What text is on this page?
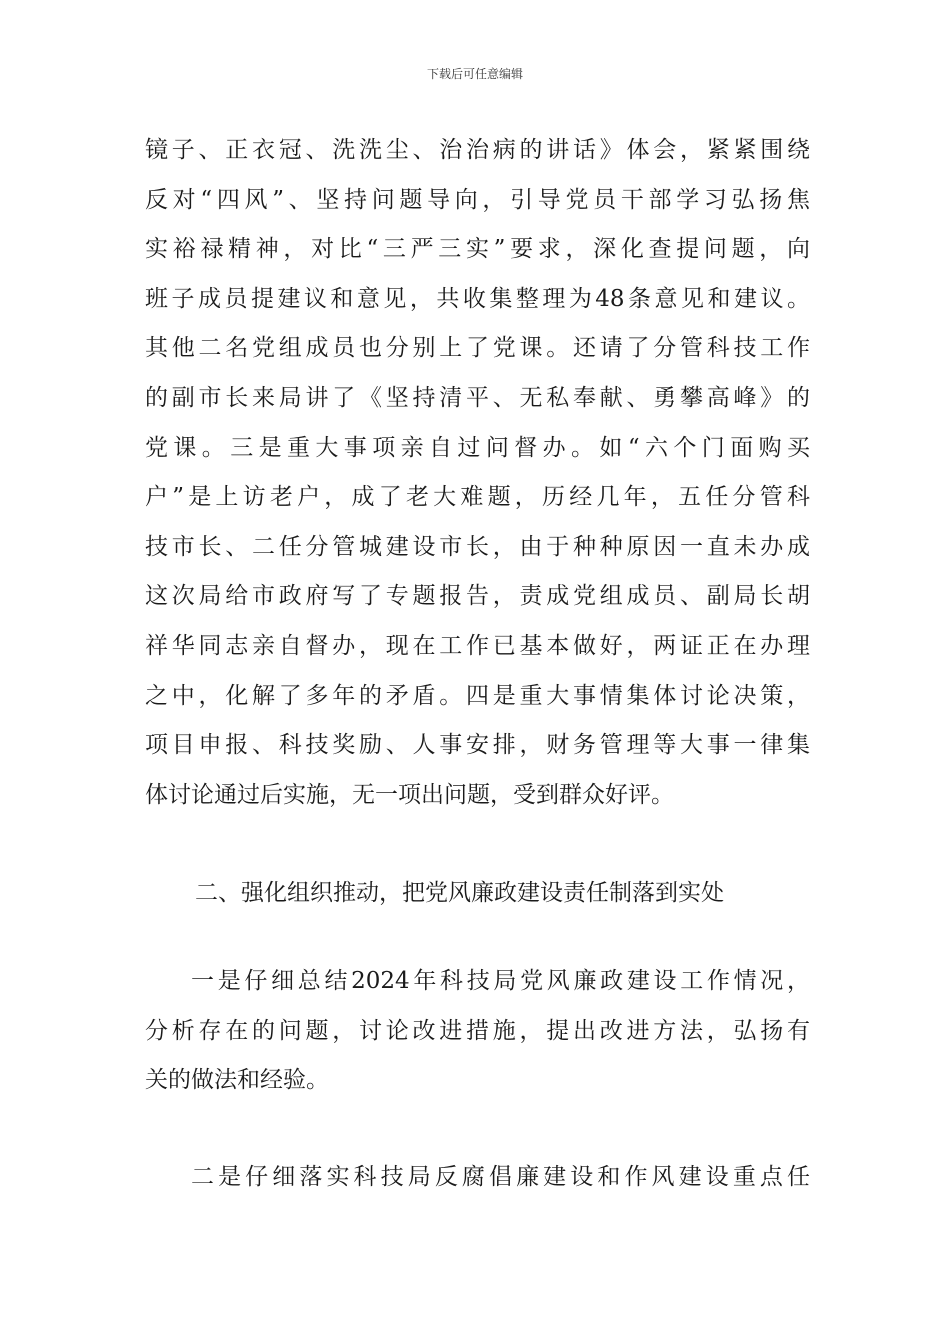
下载后可任意编辑
镜子、正衣冠、洗洗尘、治治病的讲话》体会，紧紧围绕
反对“四风”、坚持问题导向，引导党员干部学习弘扬焦
实裕禄精神，对比“三严三实”要求，深化查提问题，向
班子成员提建议和意见，共收集整理为48条意见和建议。
其他二名党组成员也分别上了党课。还请了分管科技工作
的副市长来局讲了《坚持清平、无私奉献、勇攀高峰》的
党课。三是重大事项亲自过问督办。如“六个门面购买
户”是上访老户，成了老大难题，历经几年，五任分管科
技市长、二任分管城建设市长，由于种种原因一直未办成
这次局给市政府写了专题报告，责成党组成员、副局长胡
祥华同志亲自督办，现在工作已基本做好，两证正在办理
之中，化解了多年的矛盾。四是重大事情集体讨论决策，
项目申报、科技奖励、人事安排，财务管理等大事一律集
体讨论通过后实施，无一项出问题，受到群众好评。
二、强化组织推动，把党风廉政建设责任制落到实处
一是仔细总结2024年科技局党风廉政建设工作情况，
分析存在的问题，讨论改进措施，提出改进方法，弘扬有
关的做法和经验。
二是仔细落实科技局反腐倡廉建设和作风建设重点任
